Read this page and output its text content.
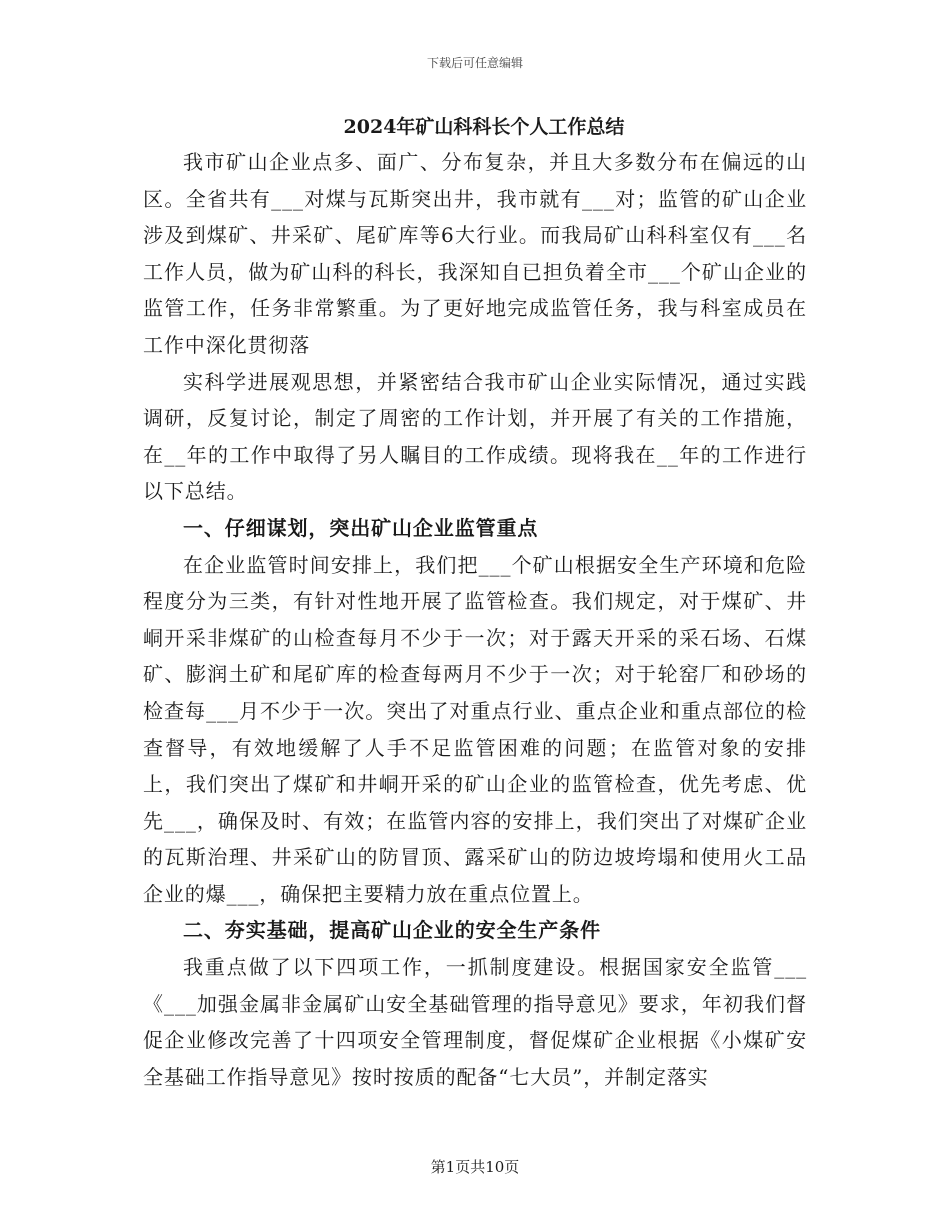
下载后可任意编辑
2024年矿山科科长个人工作总结

我市矿山企业点多、面广、分布复杂，并且大多数分布在偏远的山区。全省共有___对煤与瓦斯突出井，我市就有___对；监管的矿山企业涉及到煤矿、井采矿、尾矿库等6大行业。而我局矿山科科室仅有___名工作人员，做为矿山科的科长，我深知自已担负着全市___个矿山企业的监管工作，任务非常繁重。为了更好地完成监管任务，我与科室成员在工作中深化贯彻落

实科学进展观思想，并紧密结合我市矿山企业实际情况，通过实践调研，反复讨论，制定了周密的工作计划，并开展了有关的工作措施，在__年的工作中取得了另人瞩目的工作成绩。现将我在__年的工作进行以下总结。

一、仔细谋划，突出矿山企业监管重点

在企业监管时间安排上，我们把___个矿山根据安全生产环境和危险程度分为三类，有针对性地开展了监管检查。我们规定，对于煤矿、井峒开采非煤矿的山检查每月不少于一次；对于露天开采的采石场、石煤矿、膨润土矿和尾矿库的检查每两月不少于一次；对于轮窑厂和砂场的检查每___月不少于一次。突出了对重点行业、重点企业和重点部位的检查督导，有效地缓解了人手不足监管困难的问题；在监管对象的安排上，我们突出了煤矿和井峒开采的矿山企业的监管检查，优先考虑、优先___，确保及时、有效；在监管内容的安排上，我们突出了对煤矿企业的瓦斯治理、井采矿山的防冒顶、露采矿山的防边坡垮塌和使用火工品企业的爆___，确保把主要精力放在重点位置上。

二、夯实基础，提高矿山企业的安全生产条件

我重点做了以下四项工作，一抓制度建设。根据国家安全监管___《___加强金属非金属矿山安全基础管理的指导意见》要求，年初我们督促企业修改完善了十四项安全管理制度，督促煤矿企业根据《小煤矿安全基础工作指导意见》按时按质的配备“七大员”，并制定落实

第1页共10页
